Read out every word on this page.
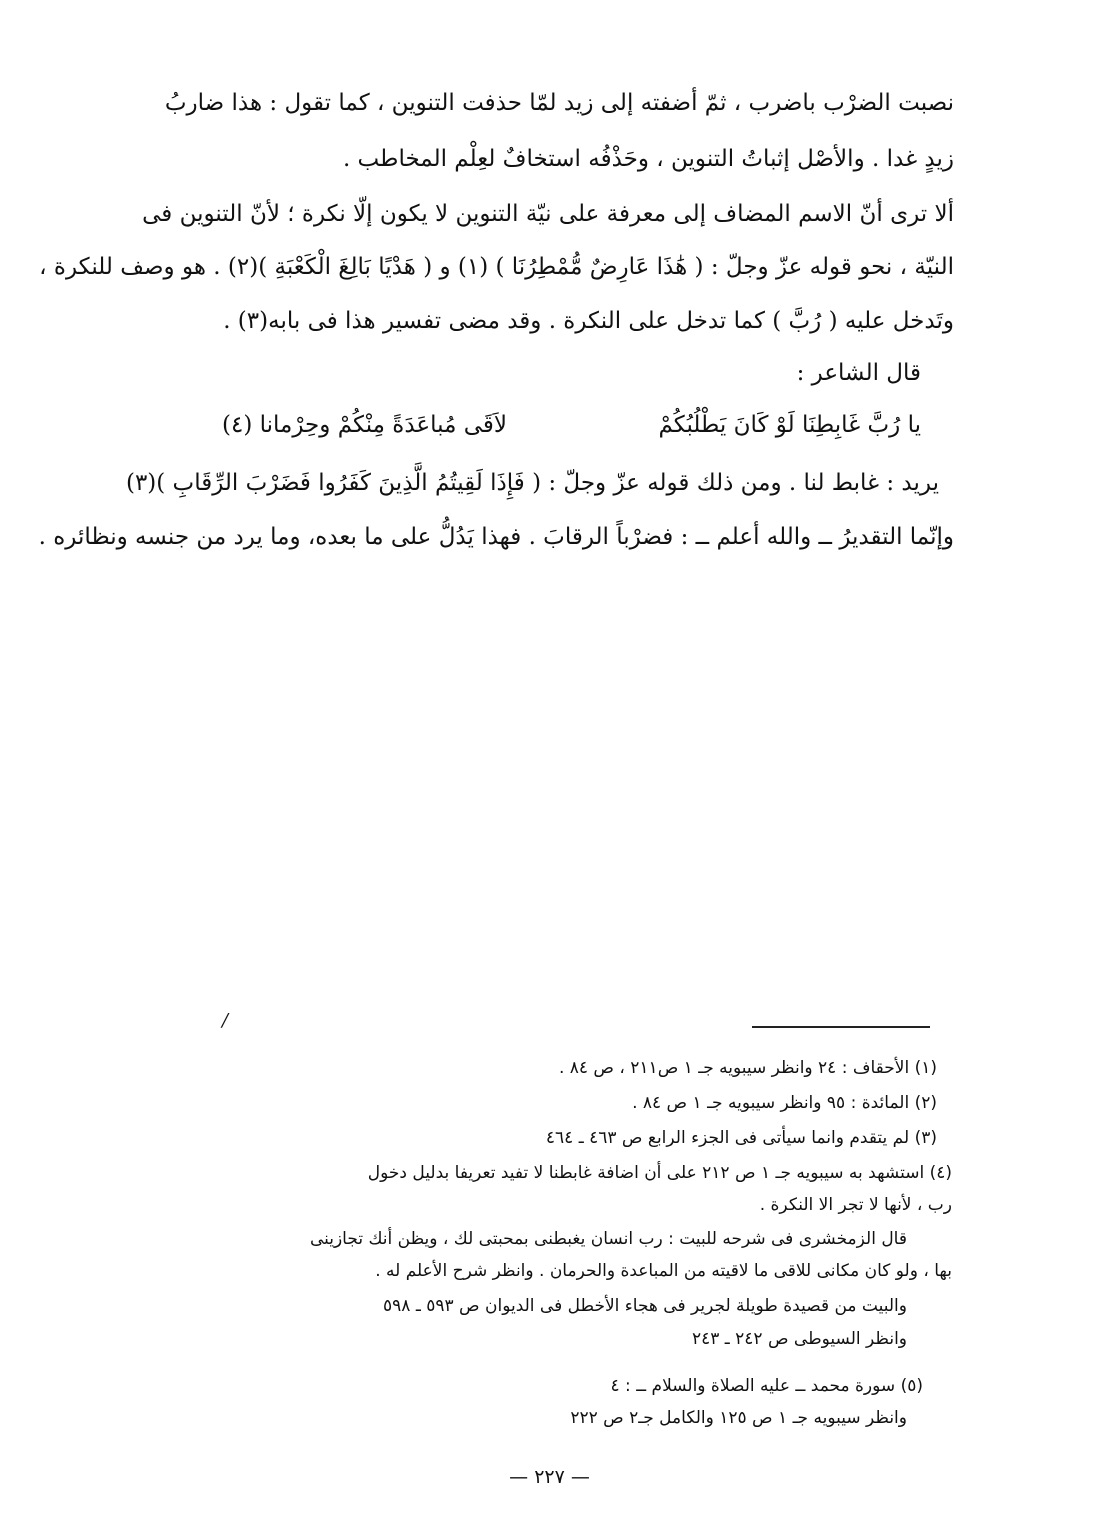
نصبت الضرْب باضرب ، ثمّ أضفته إلى زيد لمّا حذفت التنوين ، كما تقول : هذا ضاربُ
زيدٍ غدا . والأصْل إثباتُ التنوين ، وحَذْفُه استخافٌ لعِلْم المخاطب .
ألا ترى أنّ الاسم المضاف إلى معرفة على نيّة التنوين لا يكون إلّا نكرة ؛ لأنّ التنوين فى
النيّة ، نحو قوله عزّ وجلّ : ( هَٰذَا عَارِضٌ مُّمْطِرُنَا ) (١) و ( هَدْيًا بَالِغَ الْكَعْبَةِ )(٢) . هو وصف للنكرة ،
وتَدخل عليه ( رُبَّ ) كما تدخل على النكرة . وقد مضى تفسير هذا فى بابه(٣) .
قال الشاعر :
يا رُبَّ غَابِطِنَا لَوْ كَانَ يَطْلُبُكُمْ
لاَقَى مُباعَدَةً مِنْكُمْ وحِرْمانا (٤)
يريد : غابط لنا . ومن ذلك قوله عزّ وجلّ : ( فَإِذَا لَقِيتُمُ الَّذِينَ كَفَرُوا فَضَرْبَ الرِّقَابِ )(٣)
وإنّما التقديرُ ــ والله أعلم ــ : فضرْباً الرقابَ . فهذا يَدُلُّ على ما بعده، وما يرد من جنسه ونظائره .
/
(١) الأحقاف : ٢٤ وانظر سيبويه جـ ١ ص٢١١ ، ص ٨٤ .
(٢) المائدة : ٩٥ وانظر سيبويه جـ ١ ص ٨٤ .
(٣) لم يتقدم وانما سيأتى فى الجزء الرابع ص ٤٦٣ ـ ٤٦٤
(٤) استشهد به سيبويه جـ ١ ص ٢١٢ على أن اضافة غابطنا لا تفيد تعريفا بدليل دخول
رب ، لأنها لا تجر الا النكرة .
قال الزمخشرى فى شرحه للبيت : رب انسان يغبطنى بمحبتى لك ، ويظن أنك تجازينى
بها ، ولو كان مكانى للاقى ما لاقيته من المباعدة والحرمان . وانظر شرح الأعلم له .
والبيت من قصيدة طويلة لجرير فى هجاء الأخطل فى الديوان ص ٥٩٣ ـ ٥٩٨
وانظر السيوطى ص ٢٤٢ ـ ٢٤٣
(٥) سورة محمد ــ عليه الصلاة والسلام ــ : ٤
وانظر سيبويه جـ ١ ص ١٢٥ والكامل جـ٢ ص ٢٢٢
— ٢٢٧ —
